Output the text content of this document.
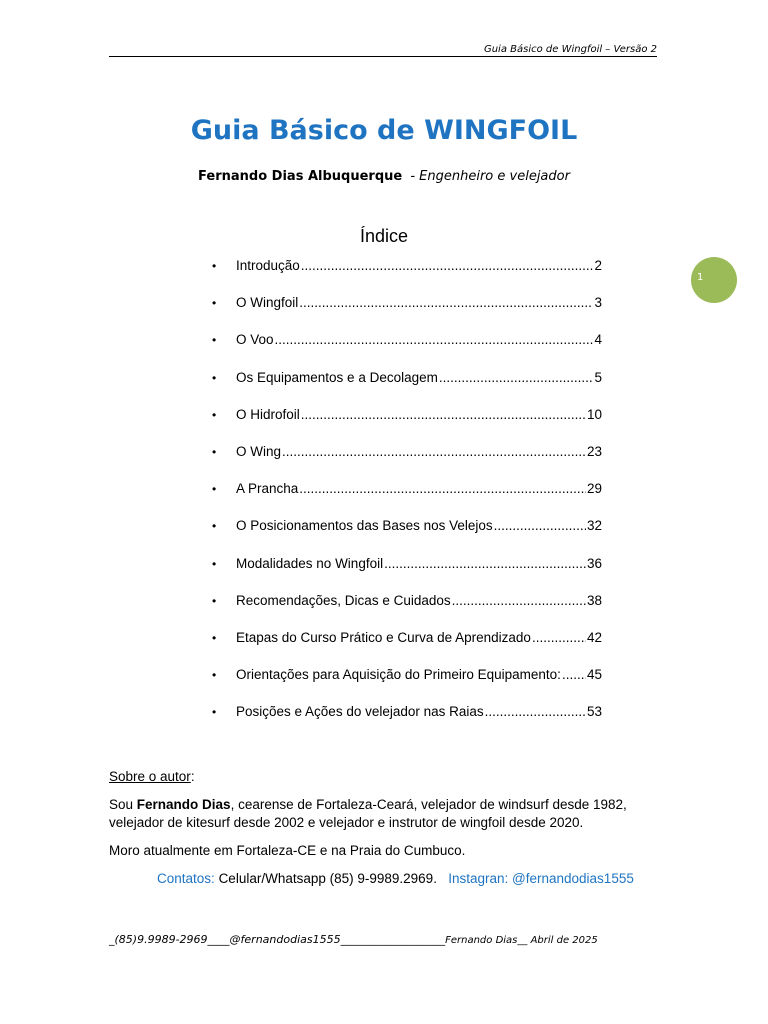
Guia Básico de Wingfoil – Versão 2
1
Guia Básico de WINGFOIL
Fernando Dias Albuquerque - Engenheiro e velejador
Índice
•	Introdução .....	2
•	O Wingfoil .....	3
•	O Voo .....	4
•	Os Equipamentos e a Decolagem .....	5
•	O Hidrofoil .....	10
•	O Wing .....	23
•	A Prancha .....	29
•	O Posicionamentos das Bases nos Velejos .....	32
•	Modalidades no Wingfoil .....	36
•	Recomendações, Dicas e Cuidados .....	38
•	Etapas do Curso Prático e Curva de Aprendizado .....	42
•	Orientações para Aquisição do Primeiro Equipamento: ..... 45
•	Posições e Ações do velejador nas Raias .....	53

Sobre o autor:

Sou Fernando Dias, cearense de Fortaleza-Ceará, velejador de windsurf desde 1982, velejador de kitesurf desde 2002 e velejador e instrutor de wingfoil desde 2020.

Moro atualmente em Fortaleza-CE e na Praia do Cumbuco.

Contatos: Celular/Whatsapp (85) 9-9989.2969. Instagran: @fernandodias1555
_(85)9.9989-2969____@fernandodias1555___________________Fernando Dias__ Abril de 2025
